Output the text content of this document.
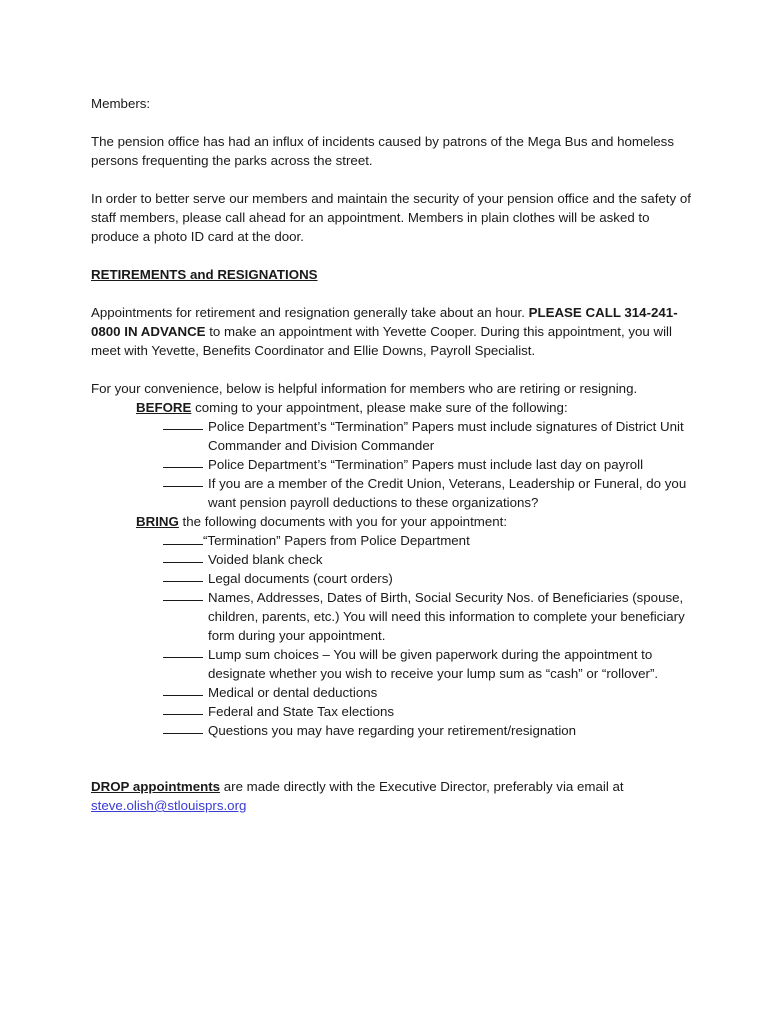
Members:

The pension office has had an influx of incidents caused by patrons of the Mega Bus and homeless persons frequenting the parks across the street.

In order to better serve our members and maintain the security of your pension office and the safety of staff members, please call ahead for an appointment. Members in plain clothes will be asked to produce a photo ID card at the door.

RETIREMENTS and RESIGNATIONS

Appointments for retirement and resignation generally take about an hour. PLEASE CALL 314-241-0800 IN ADVANCE to make an appointment with Yevette Cooper. During this appointment, you will meet with Yevette, Benefits Coordinator and Ellie Downs, Payroll Specialist.

For your convenience, below is helpful information for members who are retiring or resigning.

BEFORE coming to your appointment, please make sure of the following:

Police Department’s “Termination” Papers must include signatures of District Unit Commander and Division Commander
Police Department’s “Termination” Papers must include last day on payroll
If you are a member of the Credit Union, Veterans, Leadership or Funeral, do you want pension payroll deductions to these organizations?

BRING the following documents with you for your appointment:

“Termination” Papers from Police Department
Voided blank check
Legal documents (court orders)
Names, Addresses, Dates of Birth, Social Security Nos. of Beneficiaries (spouse, children, parents, etc.) You will need this information to complete your beneficiary form during your appointment.
Lump sum choices – You will be given paperwork during the appointment to designate whether you wish to receive your lump sum as “cash” or “rollover”.
Medical or dental deductions
Federal and State Tax elections
Questions you may have regarding your retirement/resignation

DROP appointments are made directly with the Executive Director, preferably via email at
steve.olish@stlouisprs.org
